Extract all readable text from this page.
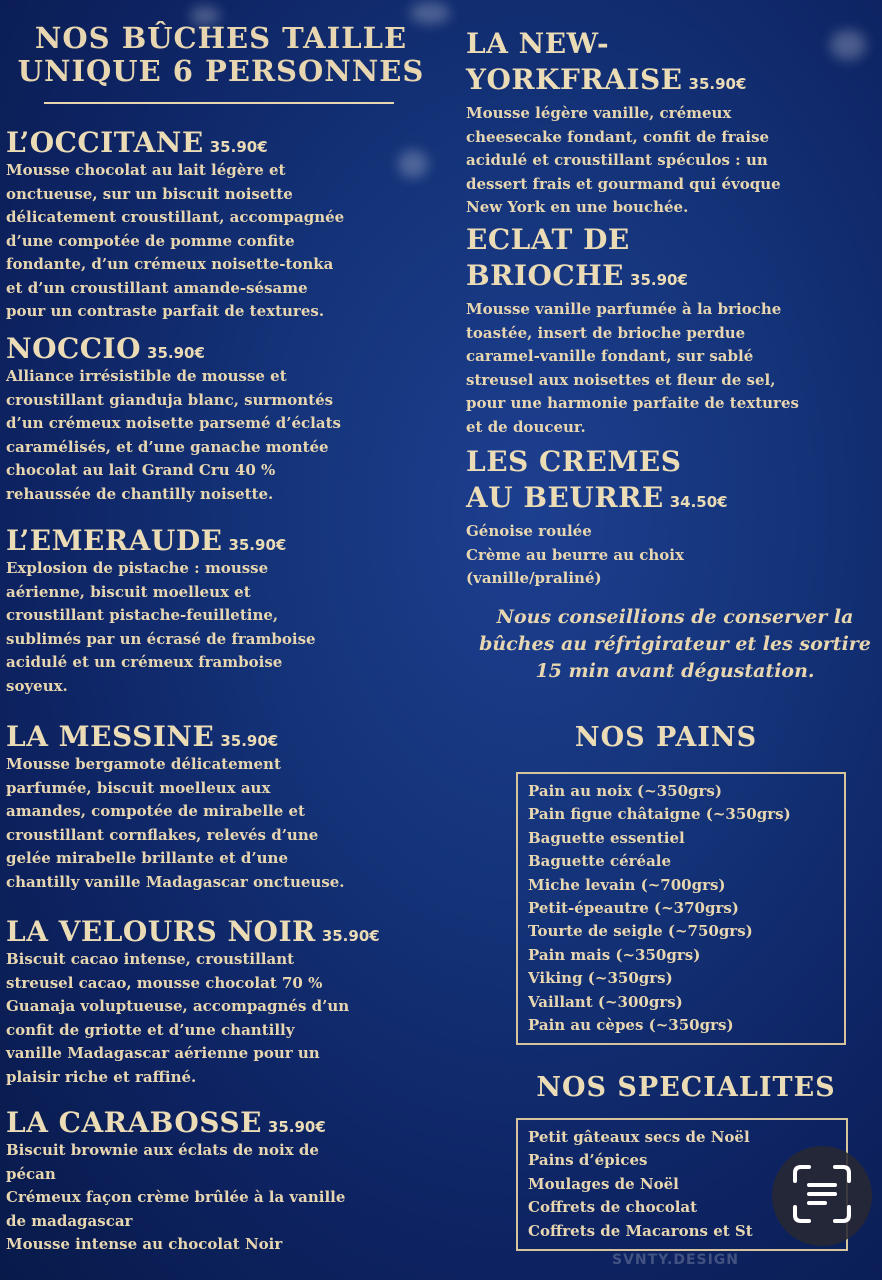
NOS BÛCHES TAILLE
UNIQUE 6 PERSONNES

L’OCCITANE 35.90€

Mousse chocolat au lait légère et
onctueuse, sur un biscuit noisette
délicatement croustillant, accompagnée
d’une compotée de pomme confite
fondante, d’un crémeux noisette-tonka
et d’un croustillant amande-sésame
pour un contraste parfait de textures.

NOCCIO 35.90€

Alliance irrésistible de mousse et
croustillant gianduja blanc, surmontés
d’un crémeux noisette parsemé d’éclats
caramélisés, et d’une ganache montée
chocolat au lait Grand Cru 40 %
rehaussée de chantilly noisette.

L’EMERAUDE 35.90€

Explosion de pistache : mousse
aérienne, biscuit moelleux et
croustillant pistache-feuilletine,
sublimés par un écrasé de framboise
acidulé et un crémeux framboise
soyeux.

LA MESSINE 35.90€

Mousse bergamote délicatement
parfumée, biscuit moelleux aux
amandes, compotée de mirabelle et
croustillant cornflakes, relevés d’une
gelée mirabelle brillante et d’une
chantilly vanille Madagascar onctueuse.

LA VELOURS NOIR 35.90€

Biscuit cacao intense, croustillant
streusel cacao, mousse chocolat 70 %
Guanaja voluptueuse, accompagnés d’un
confit de griotte et d’une chantilly
vanille Madagascar aérienne pour un
plaisir riche et raffiné.

LA CARABOSSE 35.90€

Biscuit brownie aux éclats de noix de
pécan
Crémeux façon crème brûlée à la vanille
de madagascar
Mousse intense au chocolat Noir

LA NEW-
YORKFRAISE 35.90€

Mousse légère vanille, crémeux
cheesecake fondant, confit de fraise
acidulé et croustillant spéculos : un
dessert frais et gourmand qui évoque
New York en une bouchée.

ECLAT DE
BRIOCHE 35.90€

Mousse vanille parfumée à la brioche
toastée, insert de brioche perdue
caramel-vanille fondant, sur sablé
streusel aux noisettes et fleur de sel,
pour une harmonie parfaite de textures
et de douceur.

LES CREMES
AU BEURRE 34.50€

Génoise roulée
Crème au beurre au choix
(vanille/praliné)

Nous conseillions de conserver la
bûches au réfrigirateur et les sortire
15 min avant dégustation.

NOS PAINS
Pain au noix (~350grs)
Pain figue châtaigne (~350grs)
Baguette essentiel
Baguette céréale
Miche levain (~700grs)
Petit-épeautre (~370grs)
Tourte de seigle (~750grs)
Pain mais (~350grs)
Viking (~350grs)
Vaillant (~300grs)
Pain au cèpes (~350grs)
NOS SPECIALITES
Petit gâteaux secs de Noël
Pains d’épices
Moulages de Noël
Coffrets de chocolat
Coffrets de Macarons et St
SVNTY.DESIGN
